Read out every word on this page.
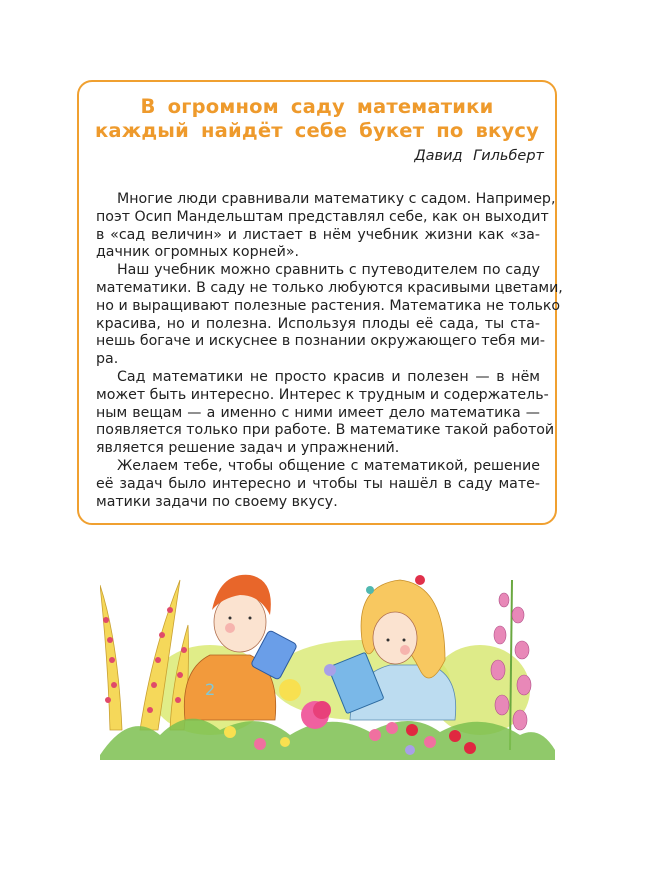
В огромном саду математики
каждый найдёт себе букет по вкусу
Давид Гильберт
Многие люди сравнивали математику с садом. Например,
поэт Осип Мандельштам представлял себе, как он выходит
в «сад величин» и листает в нём учебник жизни как «за-
дачник огромных корней».
Наш учебник можно сравнить с путеводителем по саду
математики. В саду не только любуются красивыми цветами,
но и выращивают полезные растения. Математика не только
красива, но и полезна. Используя плоды её сада, ты ста-
нешь богаче и искуснее в познании окружающего тебя ми-
ра.
Сад математики не просто красив и полезен — в нём
может быть интересно. Интерес к трудным и содержатель-
ным вещам — а именно с ними имеет дело математика —
появляется только при работе. В математике такой работой
является решение задач и упражнений.
Желаем тебе, чтобы общение с математикой, решение
её задач было интересно и чтобы ты нашёл в саду мате-
матики задачи по своему вкусу.
2
